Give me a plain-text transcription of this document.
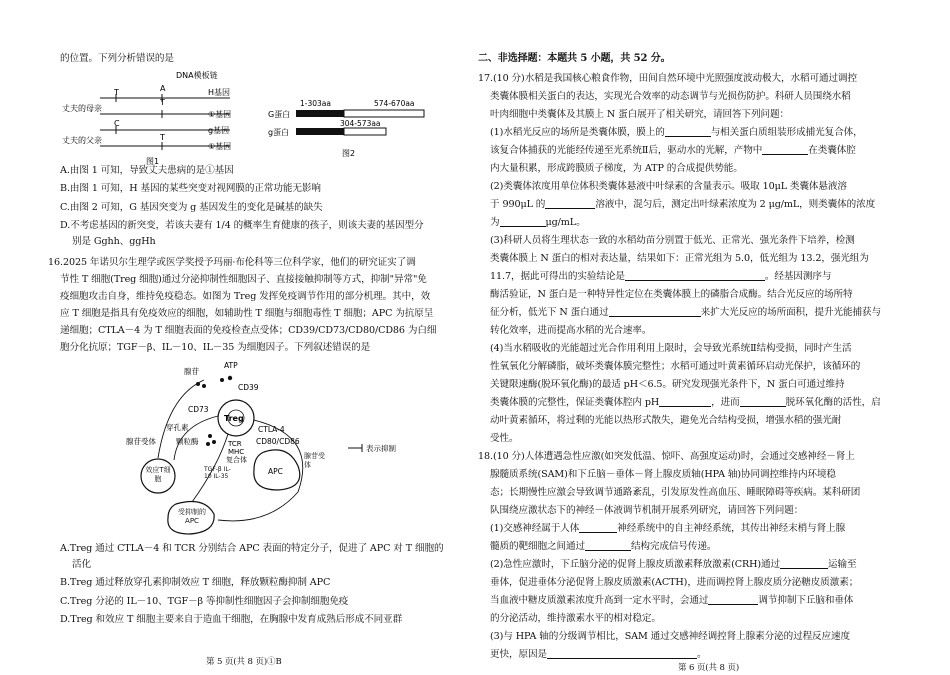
的位置。下列分析错误的是
DNA模板链
T	A
丈夫的母亲
H基因
T
①基因
C
丈夫的父亲
g基因
T
①基因
图1
1-303aa	574-670aa
G蛋白
304-573aa
g蛋白
图2
A.由图 1 可知，导致丈夫患病的是①基因
B.由图 1 可知，H 基因的某些突变对视网膜的正常功能无影响
C.由图 2 可知，G 基因突变为 g 基因发生的变化是碱基的缺失
D.不考虑基因的新突变，若该夫妻有 1/4 的概率生育健康的孩子，则该夫妻的基因型分
别是 Gghh、ggHh
16.2025 年诺贝尔生理学或医学奖授予玛丽·布伦科等三位科学家，他们的研究证实了调
节性 T 细胞(Treg 细胞)通过分泌抑制性细胞因子、直接接触抑制等方式，抑制"异常"免
疫细胞攻击自身，维持免疫稳态。如图为 Treg 发挥免疫调节作用的部分机理。其中，效
应 T 细胞是指具有免疫效应的细胞，如辅助性 T 细胞与细胞毒性 T 细胞；APC 为抗原呈
递细胞；CTLA－4 为 T 细胞表面的免疫检查点受体；CD39/CD73/CD80/CD86 为白细
胞分化抗原；TGF－β、IL－10、IL－35 为细胞因子。下列叙述错误的是
腺苷
ATP
Treg
CD39
CD73
CTLA-4
CD80/CD86
穿孔素
颗粒酶	TCR
MHC
复合体
腺苷受体
效应T细胞
TGF-β IL-10 IL-35
APC
腺苷受体
受抑制的APC
表示抑制
A.Treg 通过 CTLA－4 和 TCR 分别结合 APC 表面的特定分子，促进了 APC 对 T 细胞的
活化
B.Treg 通过释放穿孔素抑制效应 T 细胞，释放颗粒酶抑制 APC
C.Treg 分泌的 IL－10、TGF－β 等抑制性细胞因子会抑制细胞免疫
D.Treg 和效应 T 细胞主要来自于造血干细胞，在胸腺中发育成熟后形成不同亚群
第 5 页(共 8 页)①B
二、非选择题：本题共 5 小题，共 52 分。
17.(10 分)水稻是我国核心粮食作物，田间自然环境中光照强度波动极大，水稻可通过调控
类囊体膜相关蛋白的表达，实现光合效率的动态调节与光损伤防护。科研人员围绕水稻
叶肉细胞中类囊体及其膜上 N 蛋白展开了相关研究，请回答下列问题：
(1)水稻光反应的场所是类囊体膜，膜上的	与相关蛋白质组装形成捕光复合体，
该复合体捕获的光能经传递至光系统Ⅱ后，驱动水的光解，产物中	在类囊体腔
内大量积累，形成跨膜质子梯度，为 ATP 的合成提供势能。
(2)类囊体浓度用单位体积类囊体悬液中叶绿素的含量表示。吸取 10μL 类囊体悬液溶
于 990μL 的	溶液中，混匀后，测定出叶绿素浓度为 2 μg/mL，则类囊体的浓度
为	μg/mL。
(3)科研人员将生理状态一致的水稻幼苗分别置于低光、正常光、强光条件下培养，检测
类囊体膜上 N 蛋白的相对表达量，结果如下：正常光组为 5.0，低光组为 13.2，强光组为
11.7，据此可得出的实验结论是	。经基因测序与
酶活验证，N 蛋白是一种特异性定位在类囊体膜上的磷脂合成酶。结合光反应的场所特
征分析，低光下 N 蛋白通过	来扩大光反应的场所面积，提升光能捕获与
转化效率，进而提高水稻的光合速率。
(4)当水稻吸收的光能超过光合作用利用上限时，会导致光系统Ⅱ结构受损，同时产生活
性氧氧化分解磷脂，破坏类囊体膜完整性；水稻可通过叶黄素循环启动光保护，该循环的
关键限速酶(脱环氧化酶)的最适 pH＜6.5。研究发现强光条件下，N 蛋白可通过维持
类囊体膜的完整性，保证类囊体腔内 pH	，进而	脱环氧化酶的活性，启
动叶黄素循环，将过剩的光能以热形式散失，避免光合结构受损，增强水稻的强光耐
受性。
18.(10 分)人体遭遇急性应激(如突发低温、惊吓、高强度运动)时，会通过交感神经－肾上
腺髓质系统(SAM)和下丘脑－垂体－肾上腺皮质轴(HPA 轴)协同调控维持内环境稳
态；长期慢性应激会导致调节通路紊乱，引发原发性高血压、睡眠障碍等疾病。某科研团
队围绕应激状态下的神经－体液调节机制开展系列研究，请回答下列问题：
(1)交感神经属于人体	神经系统中的自主神经系统，其传出神经末梢与肾上腺
髓质的靶细胞之间通过	结构完成信号传递。
(2)急性应激时，下丘脑分泌的促肾上腺皮质激素释放激素(CRH)通过	运输至
垂体，促进垂体分泌促肾上腺皮质激素(ACTH)，进而调控肾上腺皮质分泌糖皮质激素；
当血液中糖皮质激素浓度升高到一定水平时，会通过	调节抑制下丘脑和垂体
的分泌活动，维持激素水平的相对稳定。
(3)与 HPA 轴的分级调节相比，SAM 通过交感神经调控肾上腺素分泌的过程反应速度
更快，原因是	。
第 6 页(共 8 页)
